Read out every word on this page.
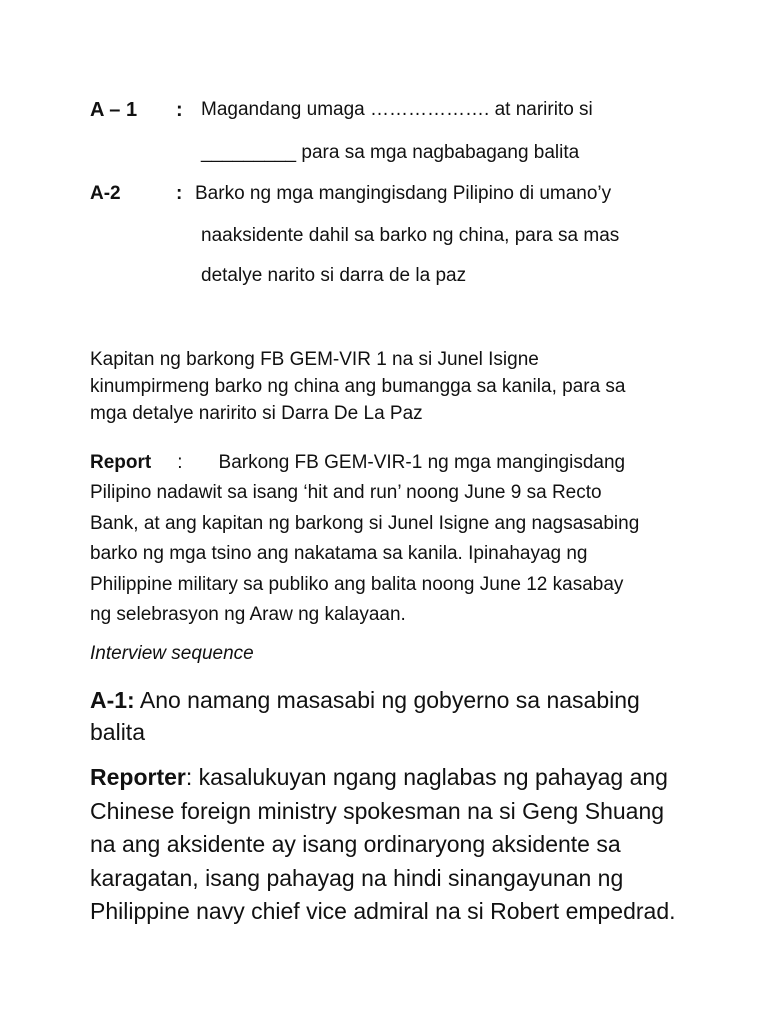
A – 1 : Magandang umaga ………………. at naririto si
_________ para sa mga nagbabagang balita
A-2	: Barko ng mga mangingisdang Pilipino di umano’y
naaksidente dahil sa barko ng china, para sa mas
detalye narito si darra de la paz
Kapitan ng barkong FB GEM-VIR 1 na si Junel Isigne
kinumpirmeng barko ng china ang bumangga sa kanila, para sa
mga detalye naririto si Darra De La Paz
Report : Barkong FB GEM-VIR-1 ng mga mangingisdang
Pilipino nadawit sa isang ‘hit and run’ noong June 9 sa Recto
Bank, at ang kapitan ng barkong si Junel Isigne ang nagsasabing
barko ng mga tsino ang nakatama sa kanila. Ipinahayag ng
Philippine military sa publiko ang balita noong June 12 kasabay
ng selebrasyon ng Araw ng kalayaan.
Interview sequence
A-1: Ano namang masasabi ng gobyerno sa nasabing
balita
Reporter: kasalukuyan ngang naglabas ng pahayag ang
Chinese foreign ministry spokesman na si Geng Shuang
na ang aksidente ay isang ordinaryong aksidente sa
karagatan, isang pahayag na hindi sinangayunan ng
Philippine navy chief vice admiral na si Robert empedrad.
